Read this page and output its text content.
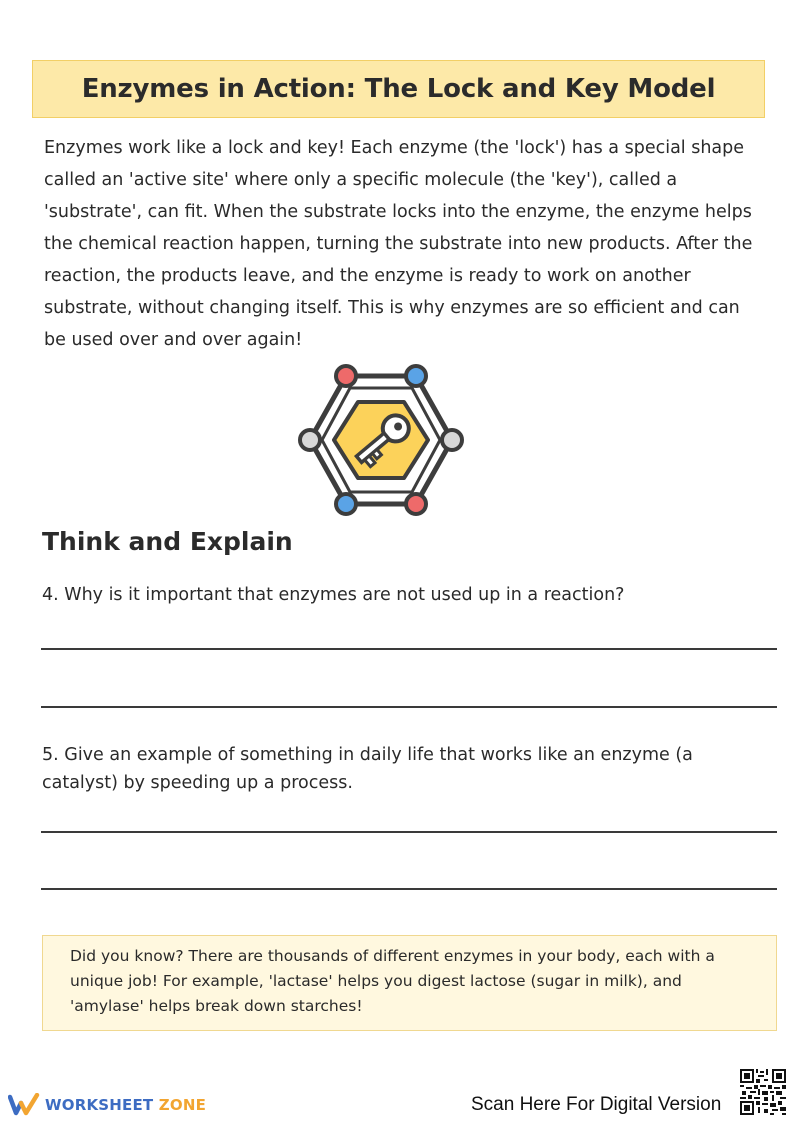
Enzymes in Action: The Lock and Key Model

Enzymes work like a lock and key! Each enzyme (the 'lock') has a special shape called an 'active site' where only a specific molecule (the 'key'), called a 'substrate', can fit. When the substrate locks into the enzyme, the enzyme helps the chemical reaction happen, turning the substrate into new products. After the reaction, the products leave, and the enzyme is ready to work on another substrate, without changing itself. This is why enzymes are so efficient and can be used over and over again!

Think and Explain

4. Why is it important that enzymes are not used up in a reaction?

5. Give an example of something in daily life that works like an enzyme (a catalyst) by speeding up a process.

Did you know? There are thousands of different enzymes in your body, each with a unique job! For example, 'lactase' helps you digest lactose (sugar in milk), and 'amylase' helps break down starches!

WORKSHEET ZONE	Scan Here For Digital Version
